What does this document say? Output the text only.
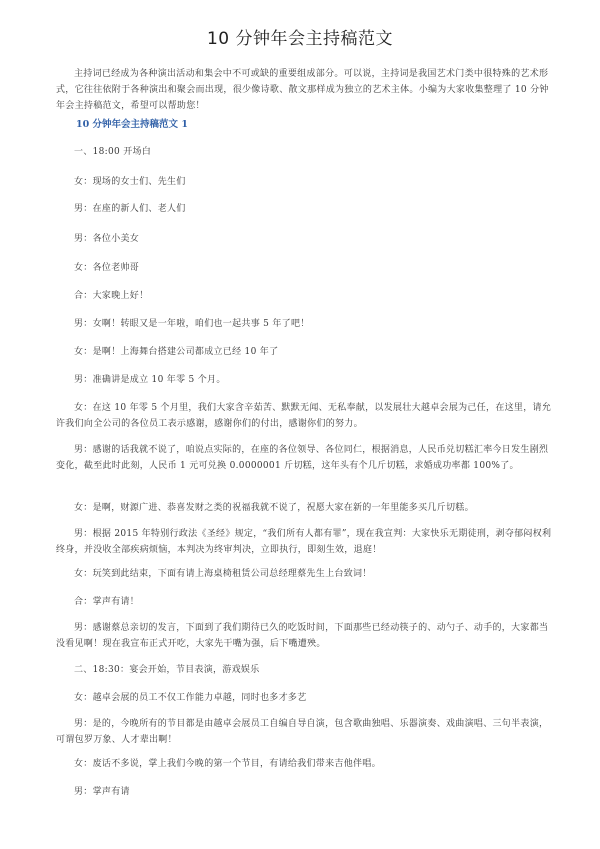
10 分钟年会主持稿范文

主持词已经成为各种演出活动和集会中不可或缺的重要组成部分。可以说，主持词是我国艺术门类中很特殊的艺术形式，它往往依附于各种演出和聚会而出现，很少像诗歌、散文那样成为独立的艺术主体。小编为大家收集整理了 10 分钟年会主持稿范文，希望可以帮助您！

10 分钟年会主持稿范文 1

一、18:00 开场白

女：现场的女士们、先生们

男：在座的新人们、老人们

男：各位小美女

女：各位老帅哥

合：大家晚上好！

男：女啊！转眼又是一年啦，咱们也一起共事 5 年了吧！

女：是啊！上海舞台搭建公司都成立已经 10 年了

男：准确讲是成立 10 年零 5 个月。

女：在这 10 年零 5 个月里，我们大家含辛茹苦、默默无闻、无私奉献，以发展壮大越卓会展为己任，在这里，请允许我们向全公司的各位员工表示感谢，感谢你们的付出，感谢你们的努力。

男：感谢的话我就不说了，咱说点实际的，在座的各位领导、各位同仁，根据消息，人民币兑切糕汇率今日发生剧烈变化，截至此时此刻，人民币 1 元可兑换 0.0000001 斤切糕，这年头有个几斤切糕，求婚成功率都 100%了。

女：是啊，财源广进、恭喜发财之类的祝福我就不说了，祝愿大家在新的一年里能多买几斤切糕。

男：根据 2015 年特别行政法《圣经》规定，“我们所有人都有罪”，现在我宣判：大家快乐无期徒刑，剥夺郁闷权利终身，并没收全部疾病烦恼，本判决为终审判决，立即执行，即刻生效，退庭！

女：玩笑到此结束，下面有请上海桌椅租赁公司总经理蔡先生上台致词！

合：掌声有请！

男：感谢蔡总亲切的发言，下面到了我们期待已久的吃饭时间，下面那些已经动筷子的、动勺子、动手的，大家都当没看见啊！现在我宣布正式开吃，大家先干嘴为强，后下嘴遭殃。

二、18:30：宴会开始，节目表演，游戏娱乐

女：越卓会展的员工不仅工作能力卓越，同时也多才多艺

男：是的，今晚所有的节目都是由越卓会展员工自编自导自演，包含歌曲独唱、乐器演奏、戏曲演唱、三句半表演，可谓包罗万象、人才辈出啊！

女：废话不多说，掌上我们今晚的第一个节目，有请给我们带来吉他伴唱。

男：掌声有请
